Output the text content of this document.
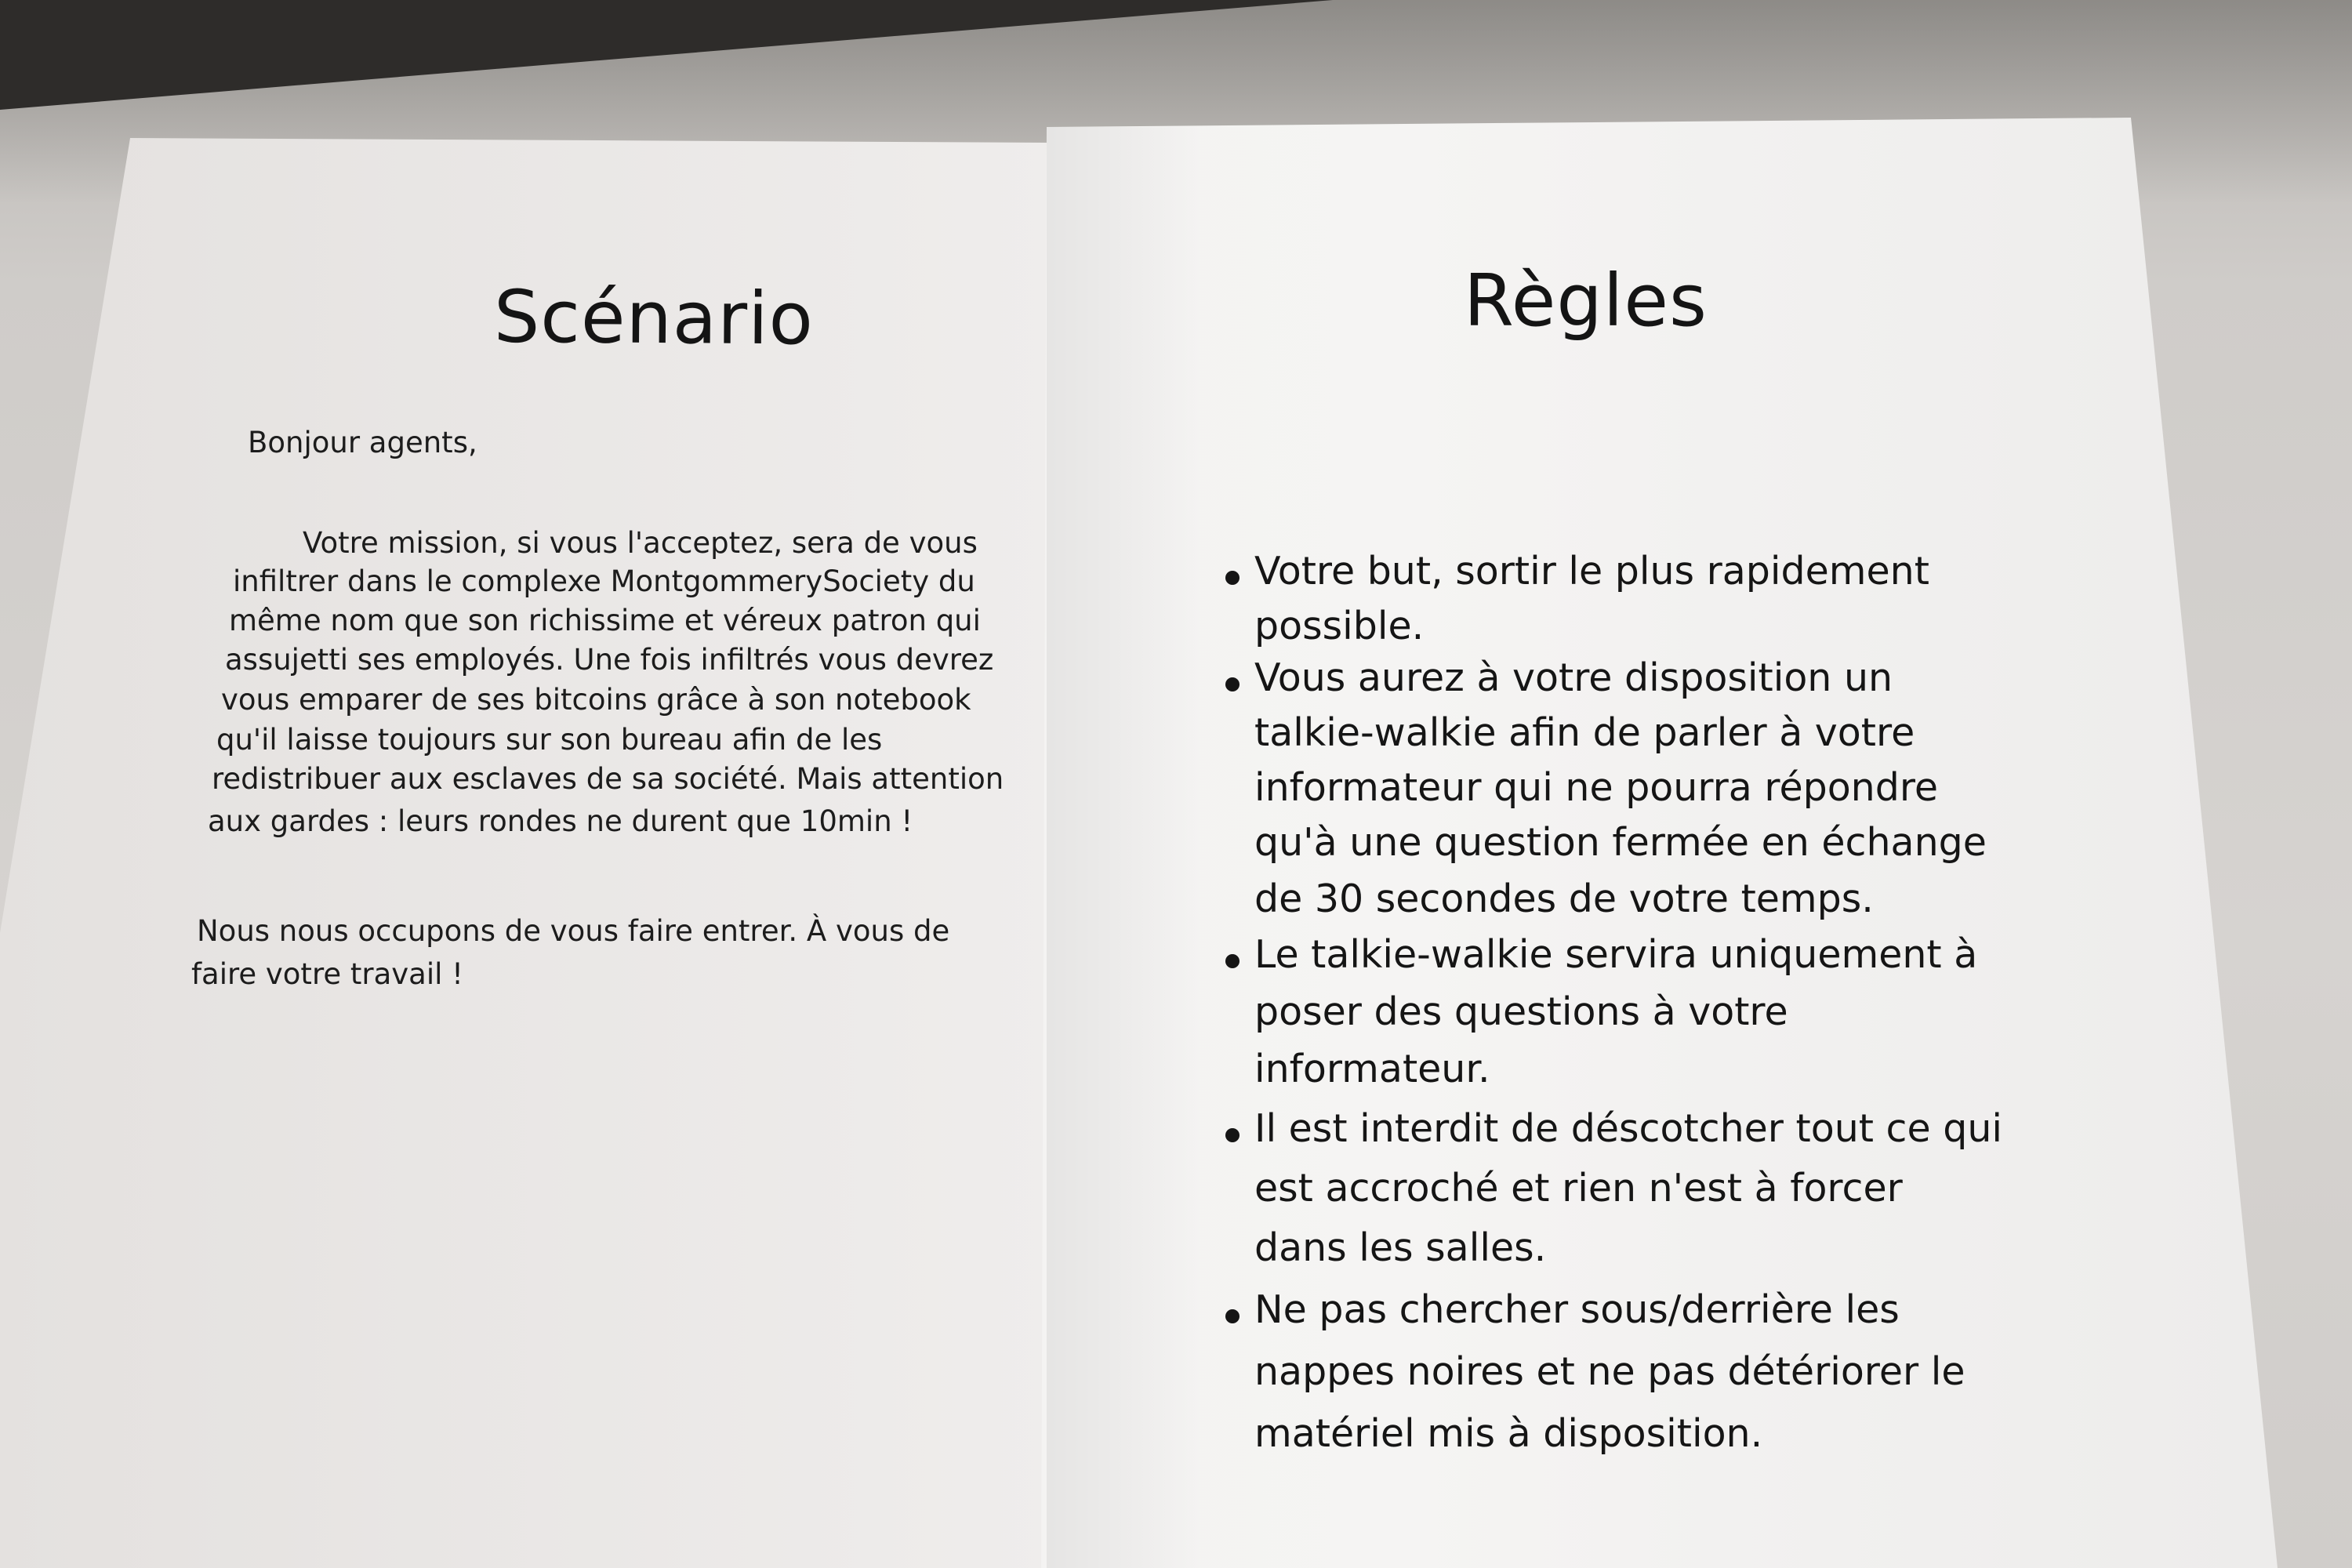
Scénario
Bonjour agents,
Votre mission, si vous l'acceptez, sera de vous
infiltrer dans le complexe MontgommerySociety du
même nom que son richissime et véreux patron qui
assujetti ses employés. Une fois infiltrés vous devrez
vous emparer de ses bitcoins grâce à son notebook
qu'il laisse toujours sur son bureau afin de les
redistribuer aux esclaves de sa société. Mais attention
aux gardes : leurs rondes ne durent que 10min !
Nous nous occupons de vous faire entrer. À vous de
faire votre travail !
Règles
Votre but, sortir le plus rapidement
possible.
Vous aurez à votre disposition un
talkie-walkie afin de parler à votre
informateur qui ne pourra répondre
qu'à une question fermée en échange
de 30 secondes de votre temps.
Le talkie-walkie servira uniquement à
poser des questions à votre
informateur.
Il est interdit de déscotcher tout ce qui
est accroché et rien n'est à forcer
dans les salles.
Ne pas chercher sous/derrière les
nappes noires et ne pas détériorer le
matériel mis à disposition.
